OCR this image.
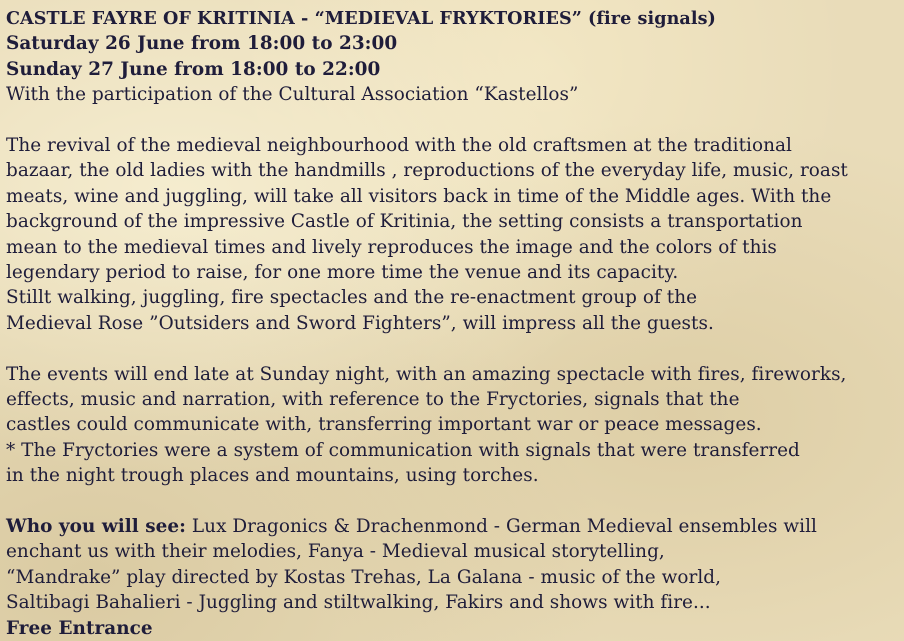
CASTLE FAYRE OF KRITINIA - “MEDIEVAL FRYKTORIES” (fire signals)
Saturday 26 June from 18:00 to 23:00
Sunday 27 June from 18:00 to 22:00
With the participation of the Cultural Association “Kastellos”
The revival of the medieval neighbourhood with the old craftsmen at the traditional
bazaar, the old ladies with the handmills , reproductions of the everyday life, music, roast
meats, wine and juggling, will take all visitors back in time of the Middle ages. With the
background of the impressive Castle of Kritinia, the setting consists a transportation
mean to the medieval times and lively reproduces the image and the colors of this
legendary period to raise, for one more time the venue and its capacity.
Stillt walking, juggling, fire spectacles and the re-enactment group of the
Medieval Rose ”Outsiders and Sword Fighters”, will impress all the guests.
The events will end late at Sunday night, with an amazing spectacle with fires, fireworks,
effects, music and narration, with reference to the Fryctories, signals that the
castles could communicate with, transferring important war or peace messages.
* The Fryctories were a system of communication with signals that were transferred
in the night trough places and mountains, using torches.
Who you will see: Lux Dragonics & Drachenmond - German Medieval ensembles will
enchant us with their melodies, Fanya - Medieval musical storytelling,
“Mandrake” play directed by Kostas Trehas, La Galana - music of the world,
Saltibagi Bahalieri - Juggling and stiltwalking, Fakirs and shows with fire...
Free Entrance
